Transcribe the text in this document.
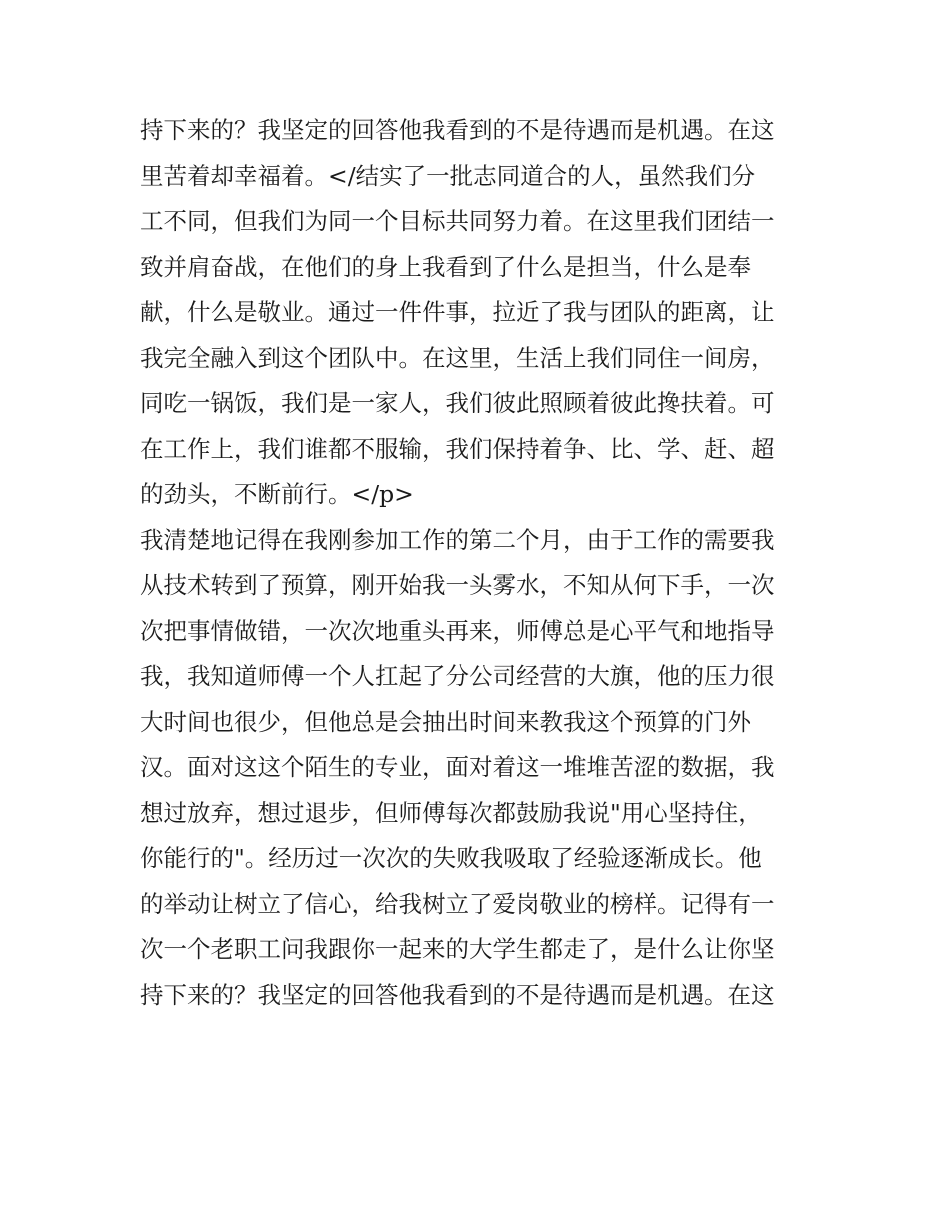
持下来的？我坚定的回答他我看到的不是待遇而是机遇。在这
里苦着却幸福着。</结实了一批志同道合的人，虽然我们分
工不同，但我们为同一个目标共同努力着。在这里我们团结一
致并肩奋战，在他们的身上我看到了什么是担当，什么是奉
献，什么是敬业。通过一件件事，拉近了我与团队的距离，让
我完全融入到这个团队中。在这里，生活上我们同住一间房，
同吃一锅饭，我们是一家人，我们彼此照顾着彼此搀扶着。可
在工作上，我们谁都不服输，我们保持着争、比、学、赶、超
的劲头，不断前行。</p>
我清楚地记得在我刚参加工作的第二个月，由于工作的需要我
从技术转到了预算，刚开始我一头雾水，不知从何下手，一次
次把事情做错，一次次地重头再来，师傅总是心平气和地指导
我，我知道师傅一个人扛起了分公司经营的大旗，他的压力很
大时间也很少，但他总是会抽出时间来教我这个预算的门外
汉。面对这这个陌生的专业，面对着这一堆堆苦涩的数据，我
想过放弃，想过退步，但师傅每次都鼓励我说"用心坚持住，
你能行的"。经历过一次次的失败我吸取了经验逐渐成长。他
的举动让树立了信心，给我树立了爱岗敬业的榜样。记得有一
次一个老职工问我跟你一起来的大学生都走了，是什么让你坚
持下来的？我坚定的回答他我看到的不是待遇而是机遇。在这
